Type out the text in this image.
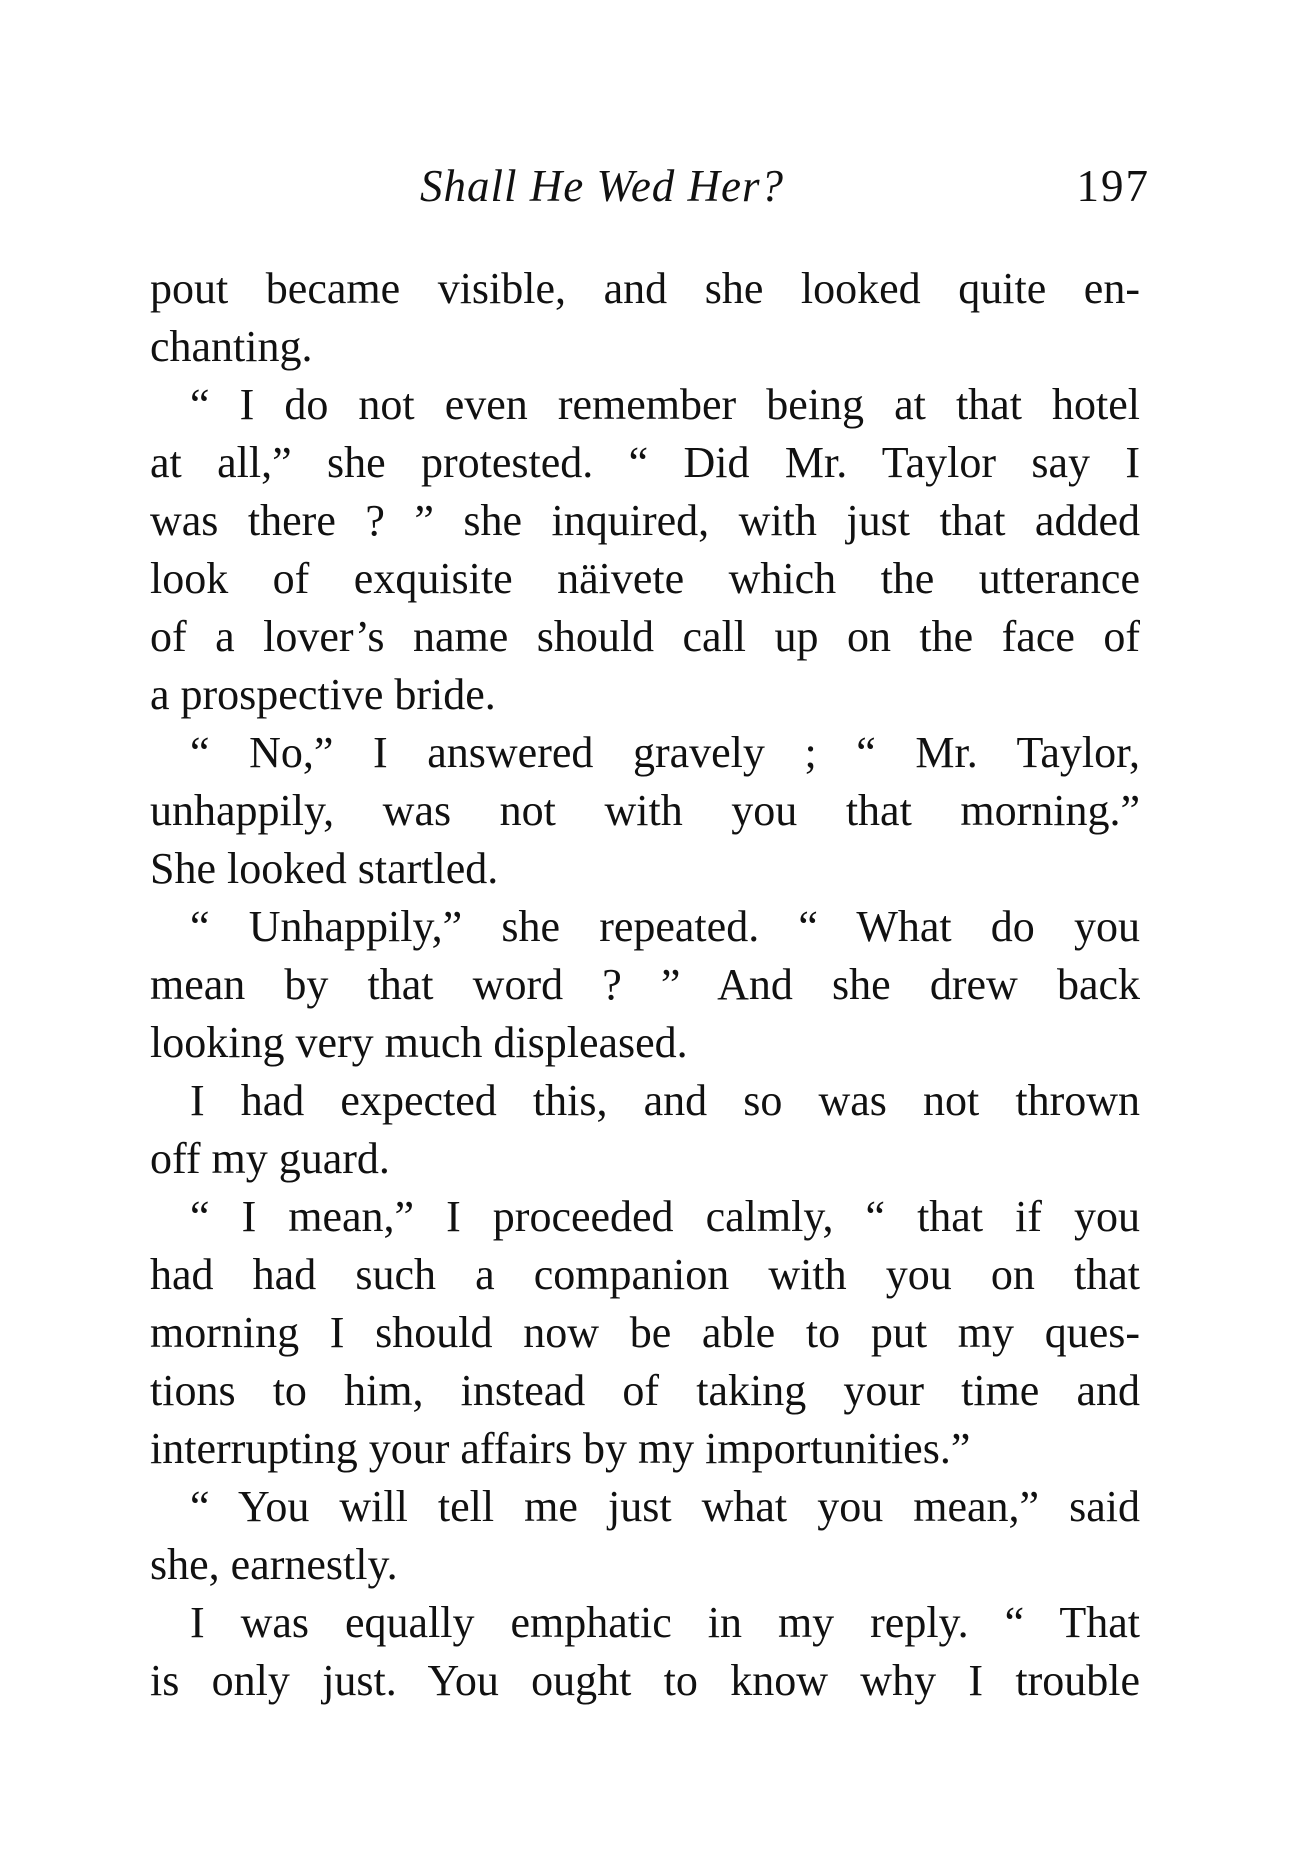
Shall He Wed Her?	197
pout became visible, and she looked quite en-
chanting.
“ I do not even remember being at that hotel
at all,” she protested. “ Did Mr. Taylor say I
was there ? ” she inquired, with just that added
look of exquisite näivete which the utterance
of a lover’s name should call up on the face of
a prospective bride.
“ No,” I answered gravely ; “ Mr. Taylor,
unhappily, was not with you that morning.”
She looked startled.
“ Unhappily,” she repeated. “ What do you
mean by that word ? ” And she drew back
looking very much displeased.
I had expected this, and so was not thrown
off my guard.
“ I mean,” I proceeded calmly, “ that if you
had had such a companion with you on that
morning I should now be able to put my ques-
tions to him, instead of taking your time and
interrupting your affairs by my importunities.”
“ You will tell me just what you mean,” said
she, earnestly.
I was equally emphatic in my reply. “ That
is only just. You ought to know why I trouble
